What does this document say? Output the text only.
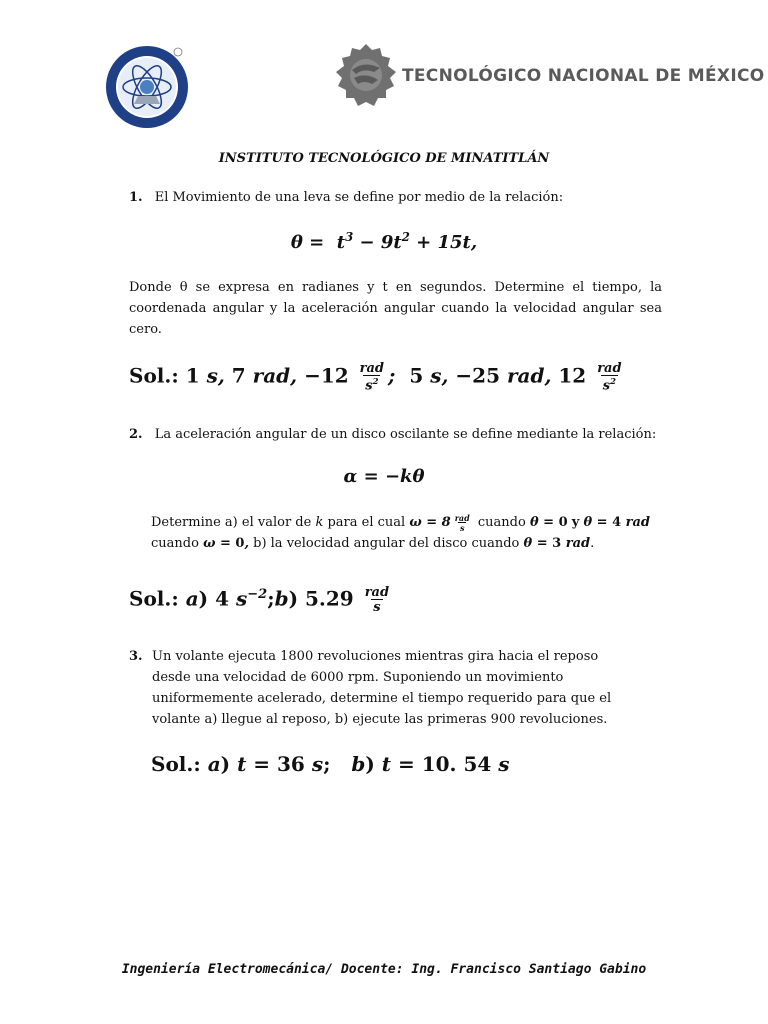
TECNOLÓGICO NACIONAL DE MÉXICO
INSTITUTO TECNOLÓGICO DE MINATITLÁN
1. El Movimiento de una leva se define por medio de la relación:
$\theta = t^3 - 9t^2 + 15t$,
Donde θ se expresa en radianes y t en segundos. Determine el tiempo, la coordenada angular y la aceleración angular cuando la velocidad angular sea cero.
Sol.: 1 s, 7 rad, $-12 \frac{\text{rad}}{s^2}$ ;  5 s, −25 rad, $12 \frac{\text{rad}}{s^2}$
2. La aceleración angular de un disco oscilante se define mediante la relación:
α = −kθ
Determine a) el valor de k para el cual $\omega = 8 \frac{\text{rad}}{s}$ cuando θ = 0 y θ = 4 rad
cuando ω = 0, b) la velocidad angular del disco cuando θ = 3 rad.
Sol.: a) 4 $s^{-2};b$) $5.29 \frac{\text{rad}}{s}$
3. Un volante ejecuta 1800 revoluciones mientras gira hacia el reposo desde una velocidad de 6000 rpm. Suponiendo un movimiento uniformemente acelerado, determine el tiempo requerido para que el volante a) llegue al reposo, b) ejecute las primeras 900 revoluciones.
Sol.: a) t = 36 s;   b) t = 10. 54 s
Ingeniería Electromecánica/ Docente: Ing. Francisco Santiago Gabino
